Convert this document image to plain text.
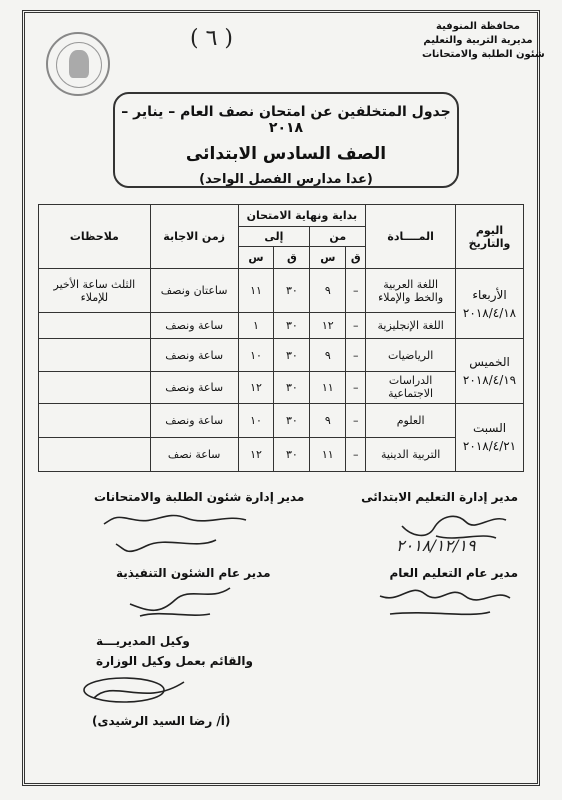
محافظة المنوفية
مديرية التربية والتعليم
شئون الطلبة والامتحانات
( ٦ )
جدول المتخلفين عن امتحان نصف العام – يناير – ٢٠١٨
الصف السادس الابتدائى
(عدا مدارس الفصل الواحد)
اليوم والتاريخ	المــــادة	بداية ونهاية الامتحان				زمن الاجابة	ملاحظات
		من		إلى			
		ق	س	ق	س		

الأربعاء
٢٠١٨/٤/١٨	اللغة العربية والخط والإملاء	–	٩	٣٠	١١	ساعتان ونصف	الثلث ساعة الأخير للإملاء
	اللغة الإنجليزية	–	١٢	٣٠	١	ساعة ونصف	

الخميس
٢٠١٨/٤/١٩	الرياضيات	–	٩	٣٠	١٠	ساعة ونصف	
	الدراسات الاجتماعية	–	١١	٣٠	١٢	ساعة ونصف	

السبت
٢٠١٨/٤/٢١	العلوم	–	٩	٣٠	١٠	ساعة ونصف	
	التربية الدينية	–	١١	٣٠	١٢	ساعة نصف	
مدير إدارة التعليم الابتدائى
مدير إدارة شئون الطلبة والامتحانات
٢٠١٨/١٢/١٩
مدير عام التعليم العام
مدير عام الشئون التنفيذية
وكيل المديريـــة
والقائم بعمل وكيل الوزارة
(أ/ رضا السيد الرشيدى)
